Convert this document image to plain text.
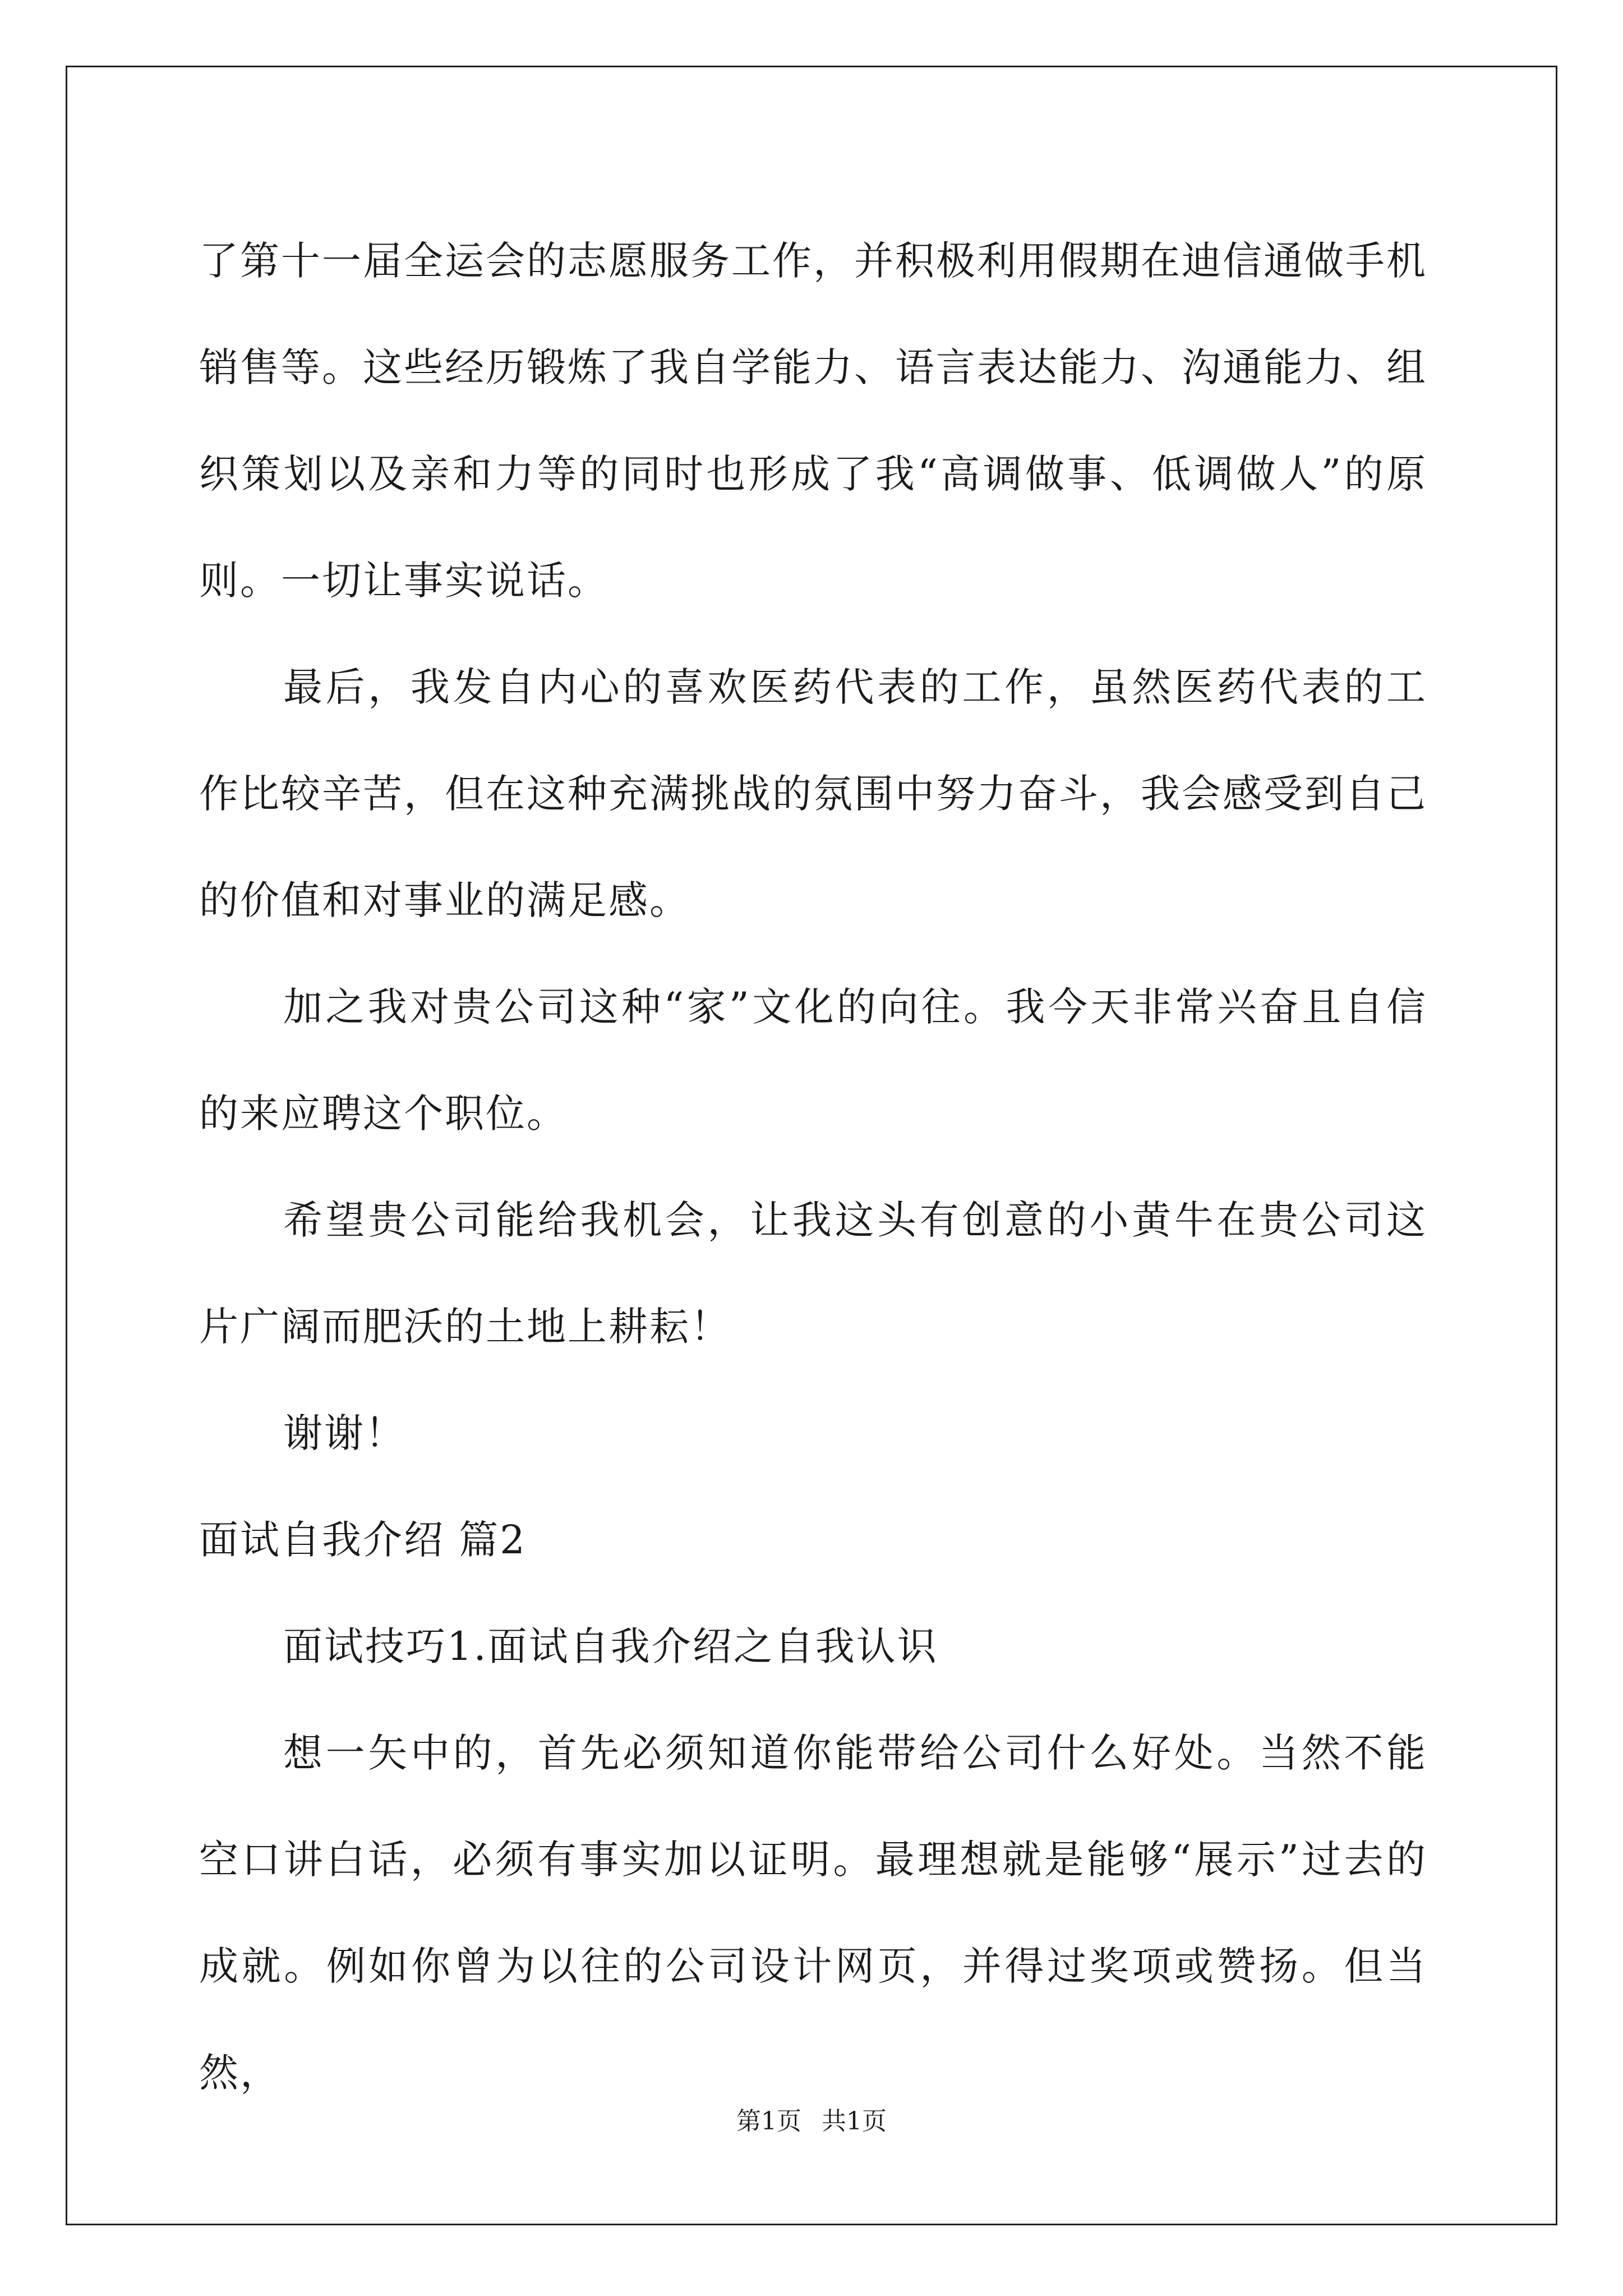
了第十一届全运会的志愿服务工作，并积极利用假期在迪信通做手机销售等。这些经历锻炼了我自学能力、语言表达能力、沟通能力、组织策划以及亲和力等的同时也形成了我“高调做事、低调做人”的原则。一切让事实说话。

最后，我发自内心的喜欢医药代表的工作，虽然医药代表的工作比较辛苦，但在这种充满挑战的氛围中努力奋斗，我会感受到自己的价值和对事业的满足感。

加之我对贵公司这种“家”文化的向往。我今天非常兴奋且自信的来应聘这个职位。

希望贵公司能给我机会，让我这头有创意的小黄牛在贵公司这片广阔而肥沃的土地上耕耘！

谢谢！

面试自我介绍 篇2

面试技巧1.面试自我介绍之自我认识

想一矢中的，首先必须知道你能带给公司什么好处。当然不能空口讲白话，必须有事实加以证明。最理想就是能够“展示”过去的成就。例如你曾为以往的公司设计网页，并得过奖项或赞扬。但当然，

第1页 共1页
